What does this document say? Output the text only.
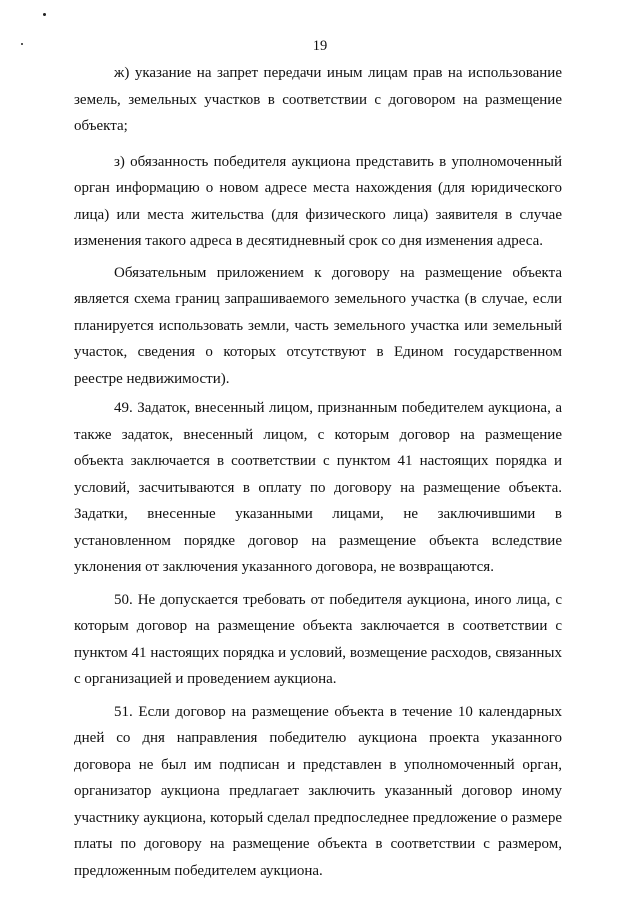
19

ж) указание на запрет передачи иным лицам прав на использование земель, земельных участков в соответствии с договором на размещение объекта;

з) обязанность победителя аукциона представить в уполномоченный орган информацию о новом адресе места нахождения (для юридического лица) или места жительства (для физического лица) заявителя в случае изменения такого адреса в десятидневный срок со дня изменения адреса.

Обязательным приложением к договору на размещение объекта является схема границ запрашиваемого земельного участка (в случае, если планируется использовать земли, часть земельного участка или земельный участок, сведения о которых отсутствуют в Едином государственном реестре недвижимости).

49. Задаток, внесенный лицом, признанным победителем аукциона, а также задаток, внесенный лицом, с которым договор на размещение объекта заключается в соответствии с пунктом 41 настоящих порядка и условий, засчитываются в оплату по договору на размещение объекта. Задатки, внесенные указанными лицами, не заключившими в установленном порядке договор на размещение объекта вследствие уклонения от заключения указанного договора, не возвращаются.

50. Не допускается требовать от победителя аукциона, иного лица, с которым договор на размещение объекта заключается в соответствии с пунктом 41 настоящих порядка и условий, возмещение расходов, связанных с организацией и проведением аукциона.

51. Если договор на размещение объекта в течение 10 календарных дней со дня направления победителю аукциона проекта указанного договора не был им подписан и представлен в уполномоченный орган, организатор аукциона предлагает заключить указанный договор иному участнику аукциона, который сделал предпоследнее предложение о размере платы по договору на размещение объекта в соответствии с размером, предложенным победителем аукциона.
